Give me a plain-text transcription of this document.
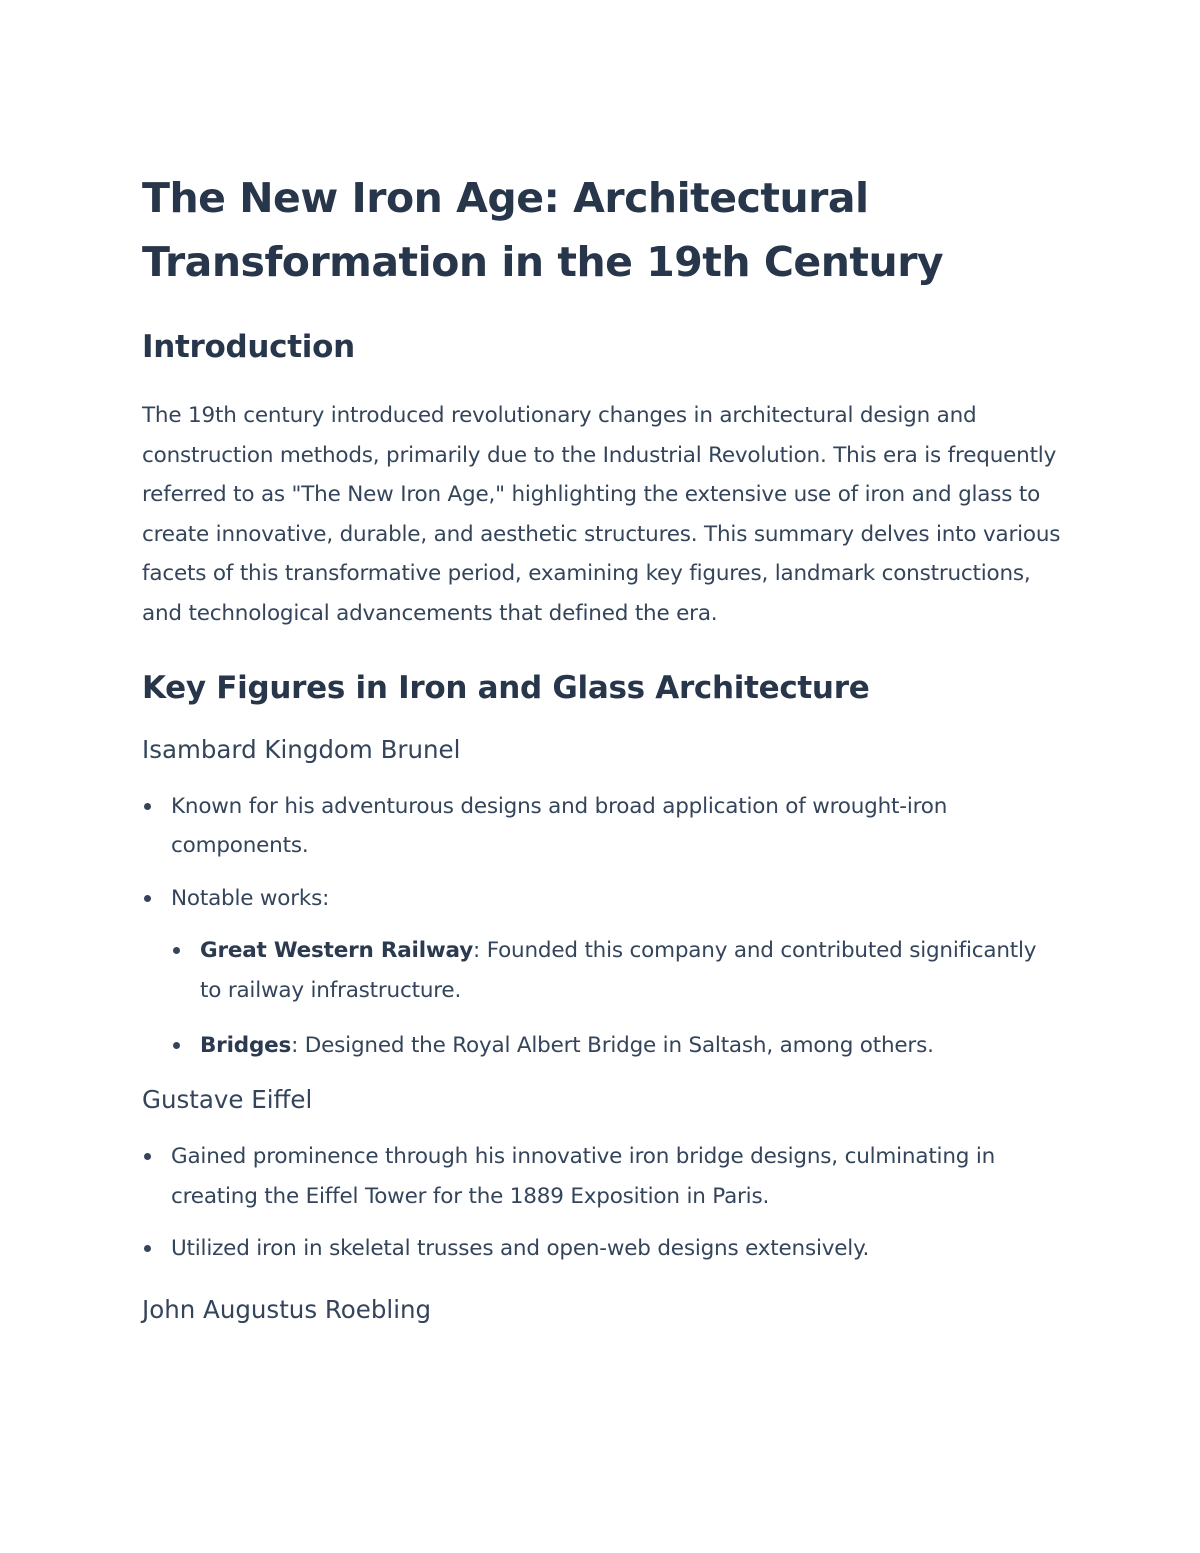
The New Iron Age: Architectural Transformation in the 19th Century
Introduction

The 19th century introduced revolutionary changes in architectural design and construction methods, primarily due to the Industrial Revolution. This era is frequently referred to as "The New Iron Age," highlighting the extensive use of iron and glass to create innovative, durable, and aesthetic structures. This summary delves into various facets of this transformative period, examining key figures, landmark constructions, and technological advancements that defined the era.

Key Figures in Iron and Glass Architecture
Isambard Kingdom Brunel
Known for his adventurous designs and broad application of wrought-iron components.
Notable works:
Great Western Railway: Founded this company and contributed significantly to railway infrastructure.
Bridges: Designed the Royal Albert Bridge in Saltash, among others.
Gustave Eiffel
Gained prominence through his innovative iron bridge designs, culminating in creating the Eiffel Tower for the 1889 Exposition in Paris.
Utilized iron in skeletal trusses and open-web designs extensively.
John Augustus Roebling
